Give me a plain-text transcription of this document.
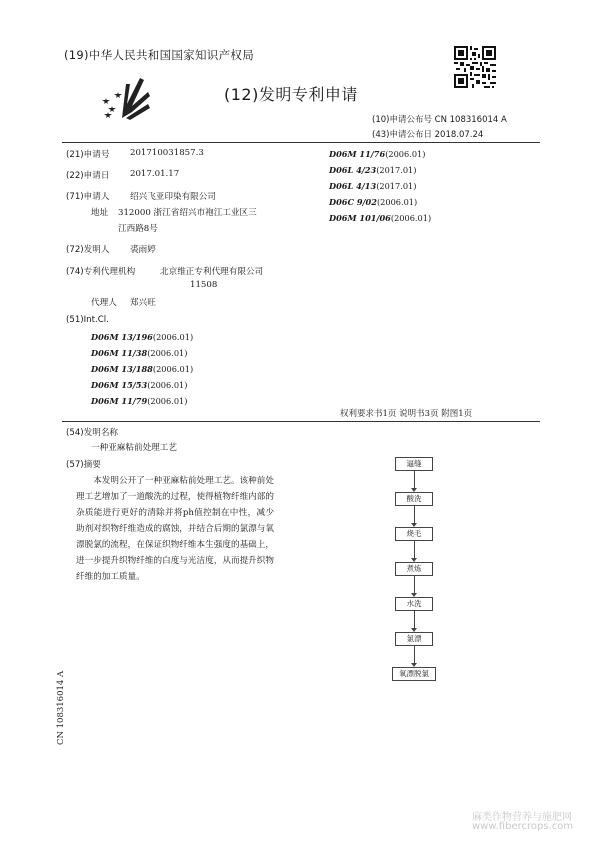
(19)中华人民共和国国家知识产权局
(12)发明专利申请
(10)申请公布号 CN 108316014 A
(43)申请公布日 2018.07.24
(21)申请号 201710031857.3
(22)申请日 2017.01.17
(71)申请人 绍兴飞亚印染有限公司
地址 312000 浙江省绍兴市袍江工业区三
江西路8号
(72)发明人 裘雨婷
(74)专利代理机构	北京维正专利代理有限公司
11508
代理人 郑兴旺
(51)Int.Cl.
D06M 13/196(2006.01)
D06M 11/38(2006.01)
D06M 13/188(2006.01)
D06M 15/53(2006.01)
D06M 11/79(2006.01)
D06M 11/76(2006.01)
D06L 4/23(2017.01)
D06L 4/13(2017.01)
D06C 9/02(2006.01)
D06M 101/06(2006.01)
权利要求书1页 说明书3页 附图1页
(54)发明名称
一种亚麻粘前处理工艺
(57)摘要
本发明公开了一种亚麻粘前处理工艺。该种前处理工艺增加了一道酸洗的过程，使得植物纤维内部的杂质能进行更好的清除并将ph值控制在中性，减少助剂对织物纤维造成的腐蚀，并结合后期的氯漂与氧漂脱氯的流程，在保证织物纤维本生强度的基础上，进一步提升织物纤维的白度与光洁度，从而提升织物纤维的加工质量。
逼缝
酸洗
烧毛
煮炼
水洗
氯漂
氧漂脱氯
CN 108316014 A
麻类作物营养与施肥网
www.fibercrops.com
